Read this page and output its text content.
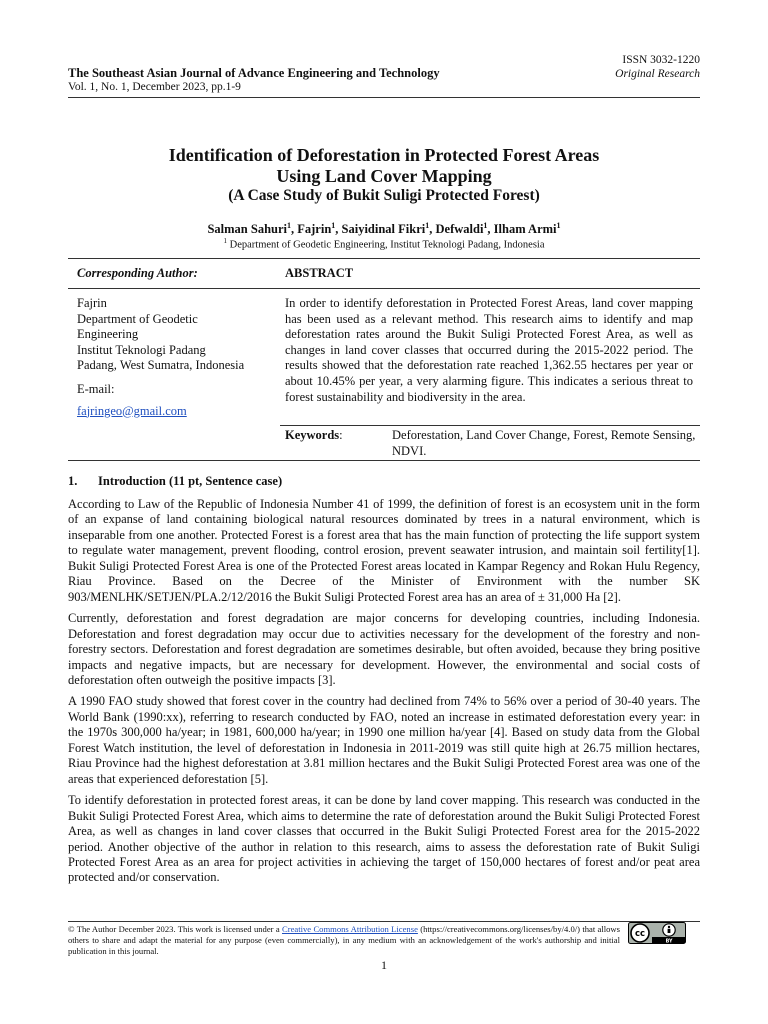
ISSN 3032-1220
Original Research
The Southeast Asian Journal of Advance Engineering and Technology
Vol. 1, No. 1, December 2023, pp.1-9
Identification of Deforestation in Protected Forest Areas
Using Land Cover Mapping
(A Case Study of Bukit Suligi Protected Forest)
Salman Sahuri$^1$, Fajrin$^1$, Saiyidinal Fikri$^1$, Defwaldi$^1$, Ilham Armi$^1$
$^1$ Department of Geodetic Engineering, Institut Teknologi Padang, Indonesia
Corresponding Author:	ABSTRACT
Fajrin
Department of Geodetic
Engineering
Institut Teknologi Padang
Padang, West Sumatra, Indonesia
E-mail:
fajringeo@gmail.com
In order to identify deforestation in Protected Forest Areas, land cover mapping has been used as a relevant method. This research aims to identify and map deforestation rates around the Bukit Suligi Protected Forest Area, as well as changes in land cover classes that occurred during the 2015-2022 period. The results showed that the deforestation rate reached 1,362.55 hectares per year or about 10.45% per year, a very alarming figure. This indicates a serious threat to forest sustainability and biodiversity in the area.
Keywords:	Deforestation, Land Cover Change, Forest, Remote Sensing, NDVI.
1. Introduction (11 pt, Sentence case)

According to Law of the Republic of Indonesia Number 41 of 1999, the definition of forest is an ecosystem unit in the form of an expanse of land containing biological natural resources dominated by trees in a natural environment, which is inseparable from one another. Protected Forest is a forest area that has the main function of protecting the life support system to regulate water management, prevent flooding, control erosion, prevent seawater intrusion, and maintain soil fertility[1]. Bukit Suligi Protected Forest Area is one of the Protected Forest areas located in Kampar Regency and Rokan Hulu Regency, Riau Province. Based on the Decree of the Minister of Environment with the number SK 903/MENLHK/SETJEN/PLA.2/12/2016 the Bukit Suligi Protected Forest area has an area of ± 31,000 Ha [2].

Currently, deforestation and forest degradation are major concerns for developing countries, including Indonesia. Deforestation and forest degradation may occur due to activities necessary for the development of the forestry and non-forestry sectors. Deforestation and forest degradation are sometimes desirable, but often avoided, because they bring positive impacts and negative impacts, but are necessary for development. However, the environmental and social costs of deforestation often outweigh the positive impacts [3].

A 1990 FAO study showed that forest cover in the country had declined from 74% to 56% over a period of 30-40 years. The World Bank (1990:xx), referring to research conducted by FAO, noted an increase in estimated deforestation every year: in the 1970s 300,000 ha/year; in 1981, 600,000 ha/year; in 1990 one million ha/year [4]. Based on study data from the Global Forest Watch institution, the level of deforestation in Indonesia in 2011-2019 was still quite high at 26.75 million hectares, Riau Province had the highest deforestation at 3.81 million hectares and the Bukit Suligi Protected Forest area was one of the areas that experienced deforestation [5].

To identify deforestation in protected forest areas, it can be done by land cover mapping. This research was conducted in the Bukit Suligi Protected Forest Area, which aims to determine the rate of deforestation around the Bukit Suligi Protected Forest Area, as well as changes in land cover classes that occurred in the Bukit Suligi Protected Forest area for the 2015-2022 period. Another objective of the author in relation to this research, aims to assess the deforestation rate of Bukit Suligi Protected Forest Area as an area for project activities in achieving the target of 150,000 hectares of forest and/or peat area protected and/or conservation.

© The Author December 2023. This work is licensed under a Creative Commons Attribution License (https://creativecommons.org/licenses/by/4.0/) that allows others to share and adapt the material for any purpose (even commercially), in any medium with an acknowledgement of the work's authorship and initial publication in this journal.
cc
BY
1
